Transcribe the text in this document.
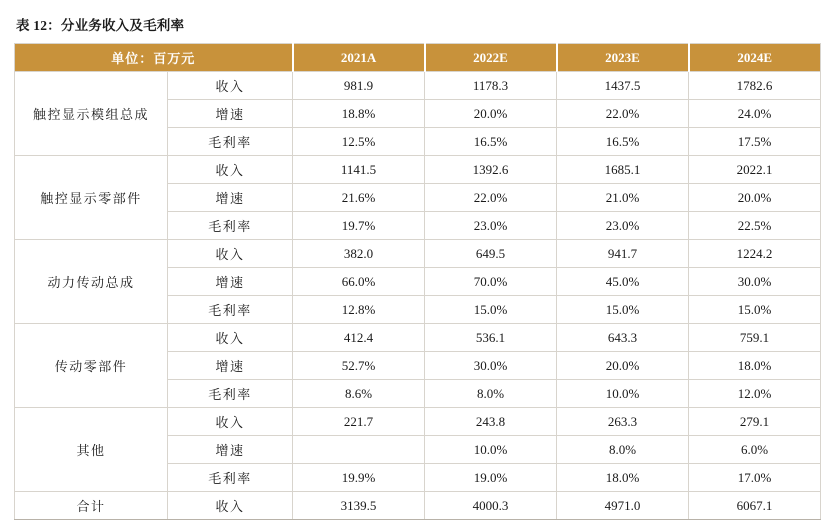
表 12：分业务收入及毛利率
单位：百万元		2021A	2022E	2023E	2024E
触控显示模组总成	收入	981.9	1178.3	1437.5	1782.6
	增速	18.8%	20.0%	22.0%	24.0%
	毛利率	12.5%	16.5%	16.5%	17.5%
触控显示零部件	收入	1141.5	1392.6	1685.1	2022.1
	增速	21.6%	22.0%	21.0%	20.0%
	毛利率	19.7%	23.0%	23.0%	22.5%
动力传动总成	收入	382.0	649.5	941.7	1224.2
	增速	66.0%	70.0%	45.0%	30.0%
	毛利率	12.8%	15.0%	15.0%	15.0%
传动零部件	收入	412.4	536.1	643.3	759.1
	增速	52.7%	30.0%	20.0%	18.0%
	毛利率	8.6%	8.0%	10.0%	12.0%
其他	收入	221.7	243.8	263.3	279.1
	增速		10.0%	8.0%	6.0%
	毛利率	19.9%	19.0%	18.0%	17.0%
合计	收入	3139.5	4000.3	4971.0	6067.1
